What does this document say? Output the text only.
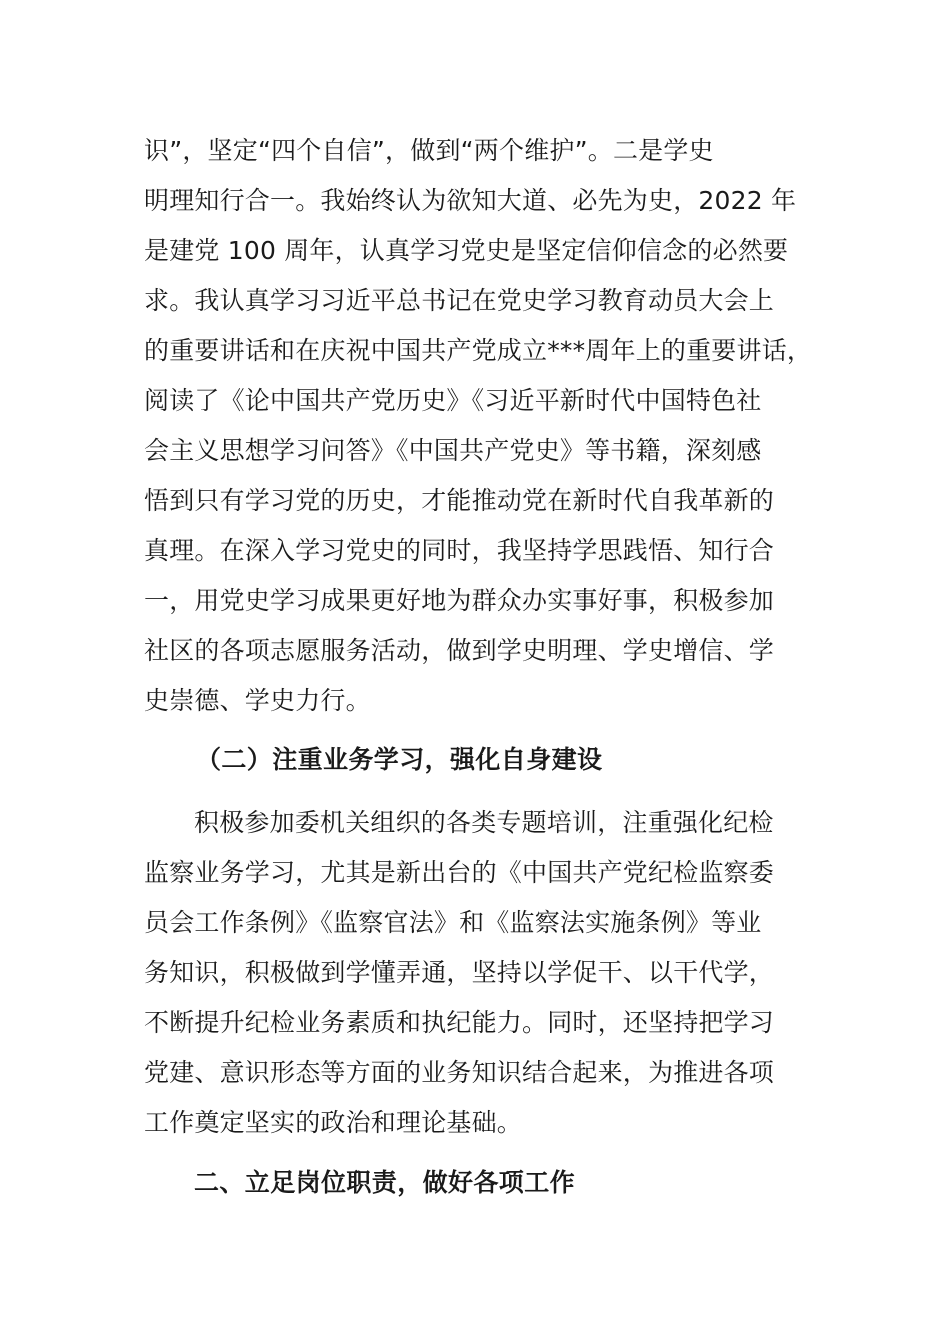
识”，坚定“四个自信”，做到“两个维护”。二是学史
明理知行合一。我始终认为欲知大道、必先为史，2022 年
是建党 100 周年，认真学习党史是坚定信仰信念的必然要
求。我认真学习习近平总书记在党史学习教育动员大会上
的重要讲话和在庆祝中国共产党成立***周年上的重要讲话，
阅读了《论中国共产党历史》《习近平新时代中国特色社
会主义思想学习问答》《中国共产党史》等书籍，深刻感
悟到只有学习党的历史，才能推动党在新时代自我革新的
真理。在深入学习党史的同时，我坚持学思践悟、知行合
一，用党史学习成果更好地为群众办实事好事，积极参加
社区的各项志愿服务活动，做到学史明理、学史增信、学
史崇德、学史力行。
（二）注重业务学习，强化自身建设
积极参加委机关组织的各类专题培训，注重强化纪检
监察业务学习，尤其是新出台的《中国共产党纪检监察委
员会工作条例》《监察官法》和《监察法实施条例》等业
务知识，积极做到学懂弄通，坚持以学促干、以干代学，
不断提升纪检业务素质和执纪能力。同时，还坚持把学习
党建、意识形态等方面的业务知识结合起来，为推进各项
工作奠定坚实的政治和理论基础。
二、立足岗位职责，做好各项工作
